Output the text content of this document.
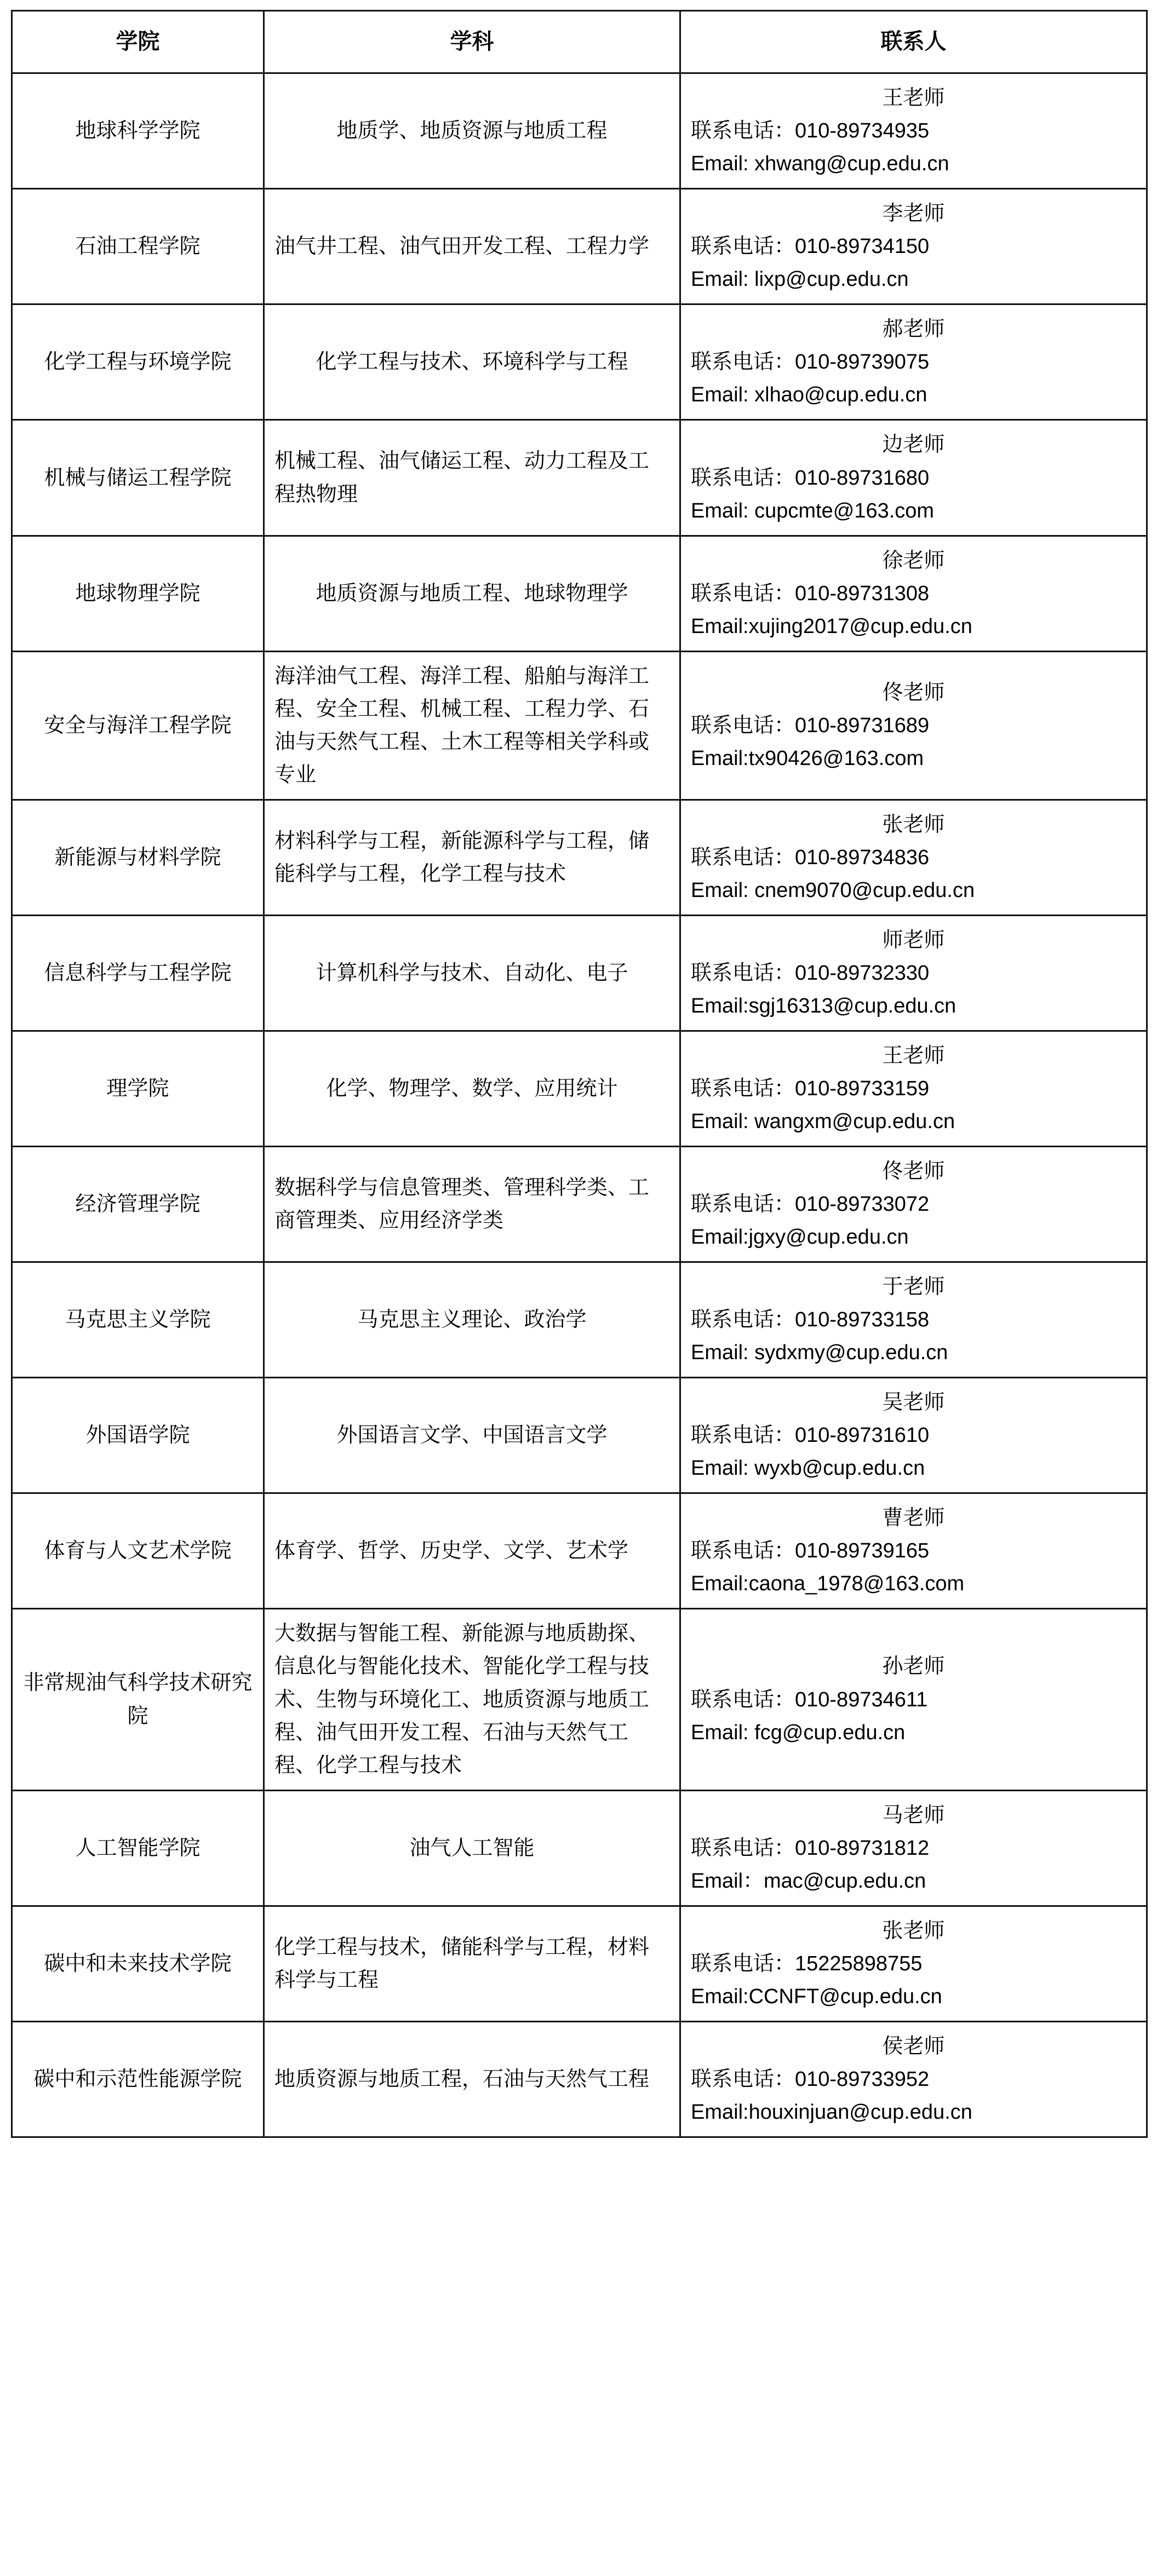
学院	学科	联系人
地球科学学院	地质学、地质资源与地质工程	王老师
联系电话：010-89734935
Email: xhwang@cup.edu.cn

石油工程学院	油气井工程、油气田开发工程、工程力学	李老师
联系电话：010-89734150
Email: lixp@cup.edu.cn

化学工程与环境学院	化学工程与技术、环境科学与工程	郝老师
联系电话：010-89739075
Email: xlhao@cup.edu.cn

机械与储运工程学院	机械工程、油气储运工程、动力工程及工程热物理	边老师
联系电话：010-89731680
Email: cupcmte@163.com

地球物理学院	地质资源与地质工程、地球物理学	徐老师
联系电话：010-89731308
Email:xujing2017@cup.edu.cn

安全与海洋工程学院	海洋油气工程、海洋工程、船舶与海洋工程、安全工程、机械工程、工程力学、石油与天然气工程、土木工程等相关学科或专业	佟老师
联系电话：010-89731689
Email:tx90426@163.com

新能源与材料学院	材料科学与工程，新能源科学与工程，储能科学与工程，化学工程与技术	张老师
联系电话：010-89734836
Email: cnem9070@cup.edu.cn

信息科学与工程学院	计算机科学与技术、自动化、电子	师老师
联系电话：010-89732330
Email:sgj16313@cup.edu.cn

理学院	化学、物理学、数学、应用统计	王老师
联系电话：010-89733159
Email: wangxm@cup.edu.cn

经济管理学院	数据科学与信息管理类、管理科学类、工商管理类、应用经济学类	佟老师
联系电话：010-89733072
Email:jgxy@cup.edu.cn

马克思主义学院	马克思主义理论、政治学	于老师
联系电话：010-89733158
Email: sydxmy@cup.edu.cn

外国语学院	外国语言文学、中国语言文学	吴老师
联系电话：010-89731610
Email: wyxb@cup.edu.cn

体育与人文艺术学院	体育学、哲学、历史学、文学、艺术学	曹老师
联系电话：010-89739165
Email:caona_1978@163.com

非常规油气科学技术研究院	大数据与智能工程、新能源与地质勘探、信息化与智能化技术、智能化学工程与技术、生物与环境化工、地质资源与地质工程、油气田开发工程、石油与天然气工程、化学工程与技术	孙老师
联系电话：010-89734611
Email: fcg@cup.edu.cn

人工智能学院	油气人工智能	马老师
联系电话：010-89731812
Email：mac@cup.edu.cn

碳中和未来技术学院	化学工程与技术，储能科学与工程，材料科学与工程	张老师
联系电话：15225898755
Email:CCNFT@cup.edu.cn

碳中和示范性能源学院	地质资源与地质工程，石油与天然气工程	侯老师
联系电话：010-89733952
Email:houxinjuan@cup.edu.cn
